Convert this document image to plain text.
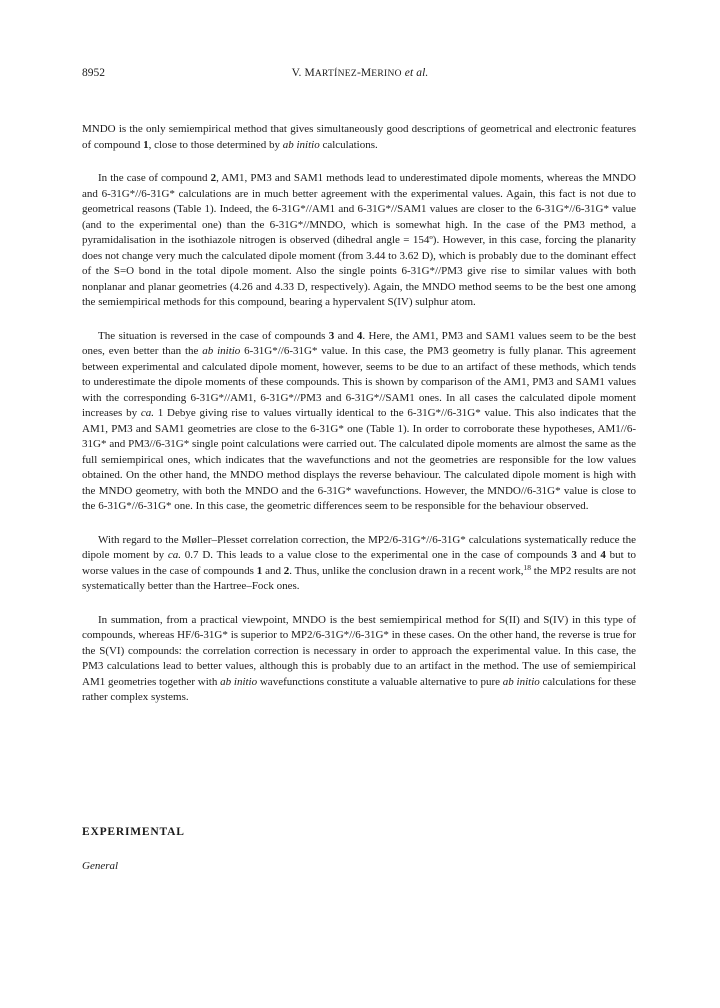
8952	V. MARTÍNEZ-MERINO et al.

MNDO is the only semiempirical method that gives simultaneously good descriptions of geometrical and electronic features of compound 1, close to those determined by ab initio calculations.

In the case of compound 2, AM1, PM3 and SAM1 methods lead to underestimated dipole moments, whereas the MNDO and 6-31G*//6-31G* calculations are in much better agreement with the experimental values. Again, this fact is not due to geometrical reasons (Table 1). Indeed, the 6-31G*//AM1 and 6-31G*//SAM1 values are closer to the 6-31G*//6-31G* value (and to the experimental one) than the 6-31G*//MNDO, which is somewhat high. In the case of the PM3 method, a pyramidalisation in the isothiazole nitrogen is observed (dihedral angle = 154º). However, in this case, forcing the planarity does not change very much the calculated dipole moment (from 3.44 to 3.62 D), which is probably due to the dominant effect of the S=O bond in the total dipole moment. Also the single points 6-31G*//PM3 give rise to similar values with both nonplanar and planar geometries (4.26 and 4.33 D, respectively). Again, the MNDO method seems to be the best one among the semiempirical methods for this compound, bearing a hypervalent S(IV) sulphur atom.

The situation is reversed in the case of compounds 3 and 4. Here, the AM1, PM3 and SAM1 values seem to be the best ones, even better than the ab initio 6-31G*//6-31G* value. In this case, the PM3 geometry is fully planar. This agreement between experimental and calculated dipole moment, however, seems to be due to an artifact of these methods, which tends to underestimate the dipole moments of these compounds. This is shown by comparison of the AM1, PM3 and SAM1 values with the corresponding 6-31G*//AM1, 6-31G*//PM3 and 6-31G*//SAM1 ones. In all cases the calculated dipole moment increases by ca. 1 Debye giving rise to values virtually identical to the 6-31G*//6-31G* value. This also indicates that the AM1, PM3 and SAM1 geometries are close to the 6-31G* one (Table 1). In order to corroborate these hypotheses, AM1//6-31G* and PM3//6-31G* single point calculations were carried out. The calculated dipole moments are almost the same as the full semiempirical ones, which indicates that the wavefunctions and not the geometries are responsible for the low values obtained. On the other hand, the MNDO method displays the reverse behaviour. The calculated dipole moment is high with the MNDO geometry, with both the MNDO and the 6-31G* wavefunctions. However, the MNDO//6-31G* value is close to the 6-31G*//6-31G* one. In this case, the geometric differences seem to be responsible for the behaviour observed.

With regard to the Møller–Plesset correlation correction, the MP2/6-31G*//6-31G* calculations systematically reduce the dipole moment by ca. 0.7 D. This leads to a value close to the experimental one in the case of compounds 3 and 4 but to worse values in the case of compounds 1 and 2. Thus, unlike the conclusion drawn in a recent work,$^{18}$ the MP2 results are not systematically better than the Hartree–Fock ones.

In summation, from a practical viewpoint, MNDO is the best semiempirical method for S(II) and S(IV) in this type of compounds, whereas HF/6-31G* is superior to MP2/6-31G*//6-31G* in these cases. On the other hand, the reverse is true for the S(VI) compounds: the correlation correction is necessary in order to approach the experimental value. In this case, the PM3 calculations lead to better values, although this is probably due to an artifact in the method. The use of semiempirical AM1 geometries together with ab initio wavefunctions constitute a valuable alternative to pure ab initio calculations for these rather complex systems.

EXPERIMENTAL
General
